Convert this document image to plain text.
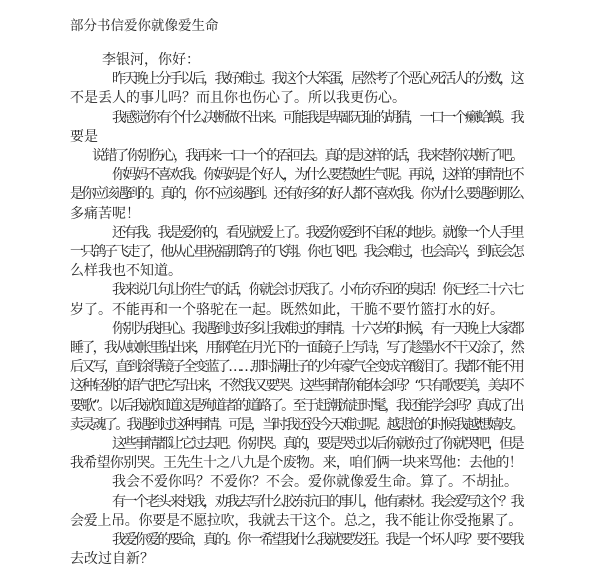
部分书信爱你就像爱生命
李银河，你好：
昨天晚上分手以后，我好难过。我这个大笨蛋，居然考了个恶心死活人的分数，这
不是丢人的事儿吗？而且你也伤心了。所以我更伤心。
我感觉你有个什么决断做不出来。可能我是卑鄙无耻的胡猜，一口一个癞蛤蟆。我
要是
说错了你别伤心，我再来一口一个的吞回去。真的是这样的话，我来替你决断了吧。
你妈妈不喜欢我。你妈妈是个好人，为什么要惹她生气呢。再说，这样的事情也不
是你应该遇到的。真的，你不应该遇到。还有好多的好人都不喜欢我。你为什么要遇到那么
多痛苦呢！
还有我。我是爱你的，看见就爱上了。我爱你爱到不自私的地步。就像一个人手里
一只鸽子飞走了，他从心里祝福那鸽子的飞翔。你也飞吧。我会难过，也会高兴，到底会怎
么样我也不知道。
我来说几句让你生气的话，你就会讨厌我了。小布尔乔亚的臭话！你已经二十六七
岁了。不能再和一个骆驼在一起。既然如此，干脆不要竹篮打水的好。
你别为我担心。我遇到过好多让我难过的事情。十六岁的时候，有一天晚上大家都
睡了，我从蚊帐里钻出来，用钢笔在月光下的一面镜子上写诗，写了趁墨水不干又涂了，然
后又写，直到涂得镜子全变蓝了……那时满肚子的少年豪气全变成辛酸泪了。我都不能不用
这种轻佻的语气把它写出来，不然我又要哭。这些事情你能体会吗？“只有歌要美，美却不
要歌”。以后我就知道这是殉道者的道路了。至于赶潮流赶时髦，我还能学会吗？真成了出
卖灵魂了。我遇到过这种事情。可是，当时我还没今天难过呢。越悲怆的时候我越想嬉皮。
这些事情都让它过去吧。你别哭。真的，要是哭过以后你就好过了你就哭吧，但是
我希望你别哭。王先生十之八九是个废物。来，咱们俩一块来骂他：去他的！
我会不爱你吗？不爱你？不会。爱你就像爱生命。算了。不胡扯。
有一个老头来找我，劝我去写什么胶东抗日的事儿，他有素材。我会爱写这个？我
会爱上吊。你要是不愿拉吹，我就去干这个。总之，我不能让你受拖累了。
我爱你爱的要命，真的。你一希望我什么我就要发狂。我是一个坏人吗？要不要我
去改过自新？
